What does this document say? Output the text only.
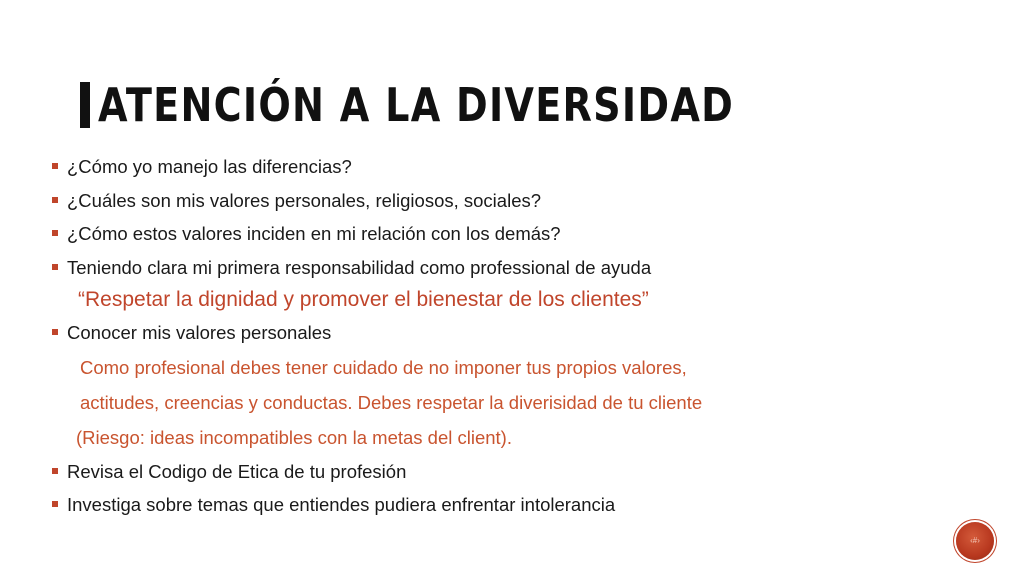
ATENCIÓN A LA DIVERSIDAD
¿Cómo yo manejo las diferencias?
¿Cuáles son mis valores personales, religiosos, sociales?
¿Cómo estos valores inciden en mi relación con los demás?
Teniendo clara mi primera responsabilidad como professional de ayuda
“Respetar la dignidad y promover el bienestar de los clientes”
Conocer mis valores personales
Como profesional debes tener cuidado de no imponer tus propios valores,
actitudes, creencias y conductas. Debes respetar la diverisidad de tu cliente
(Riesgo: ideas incompatibles con la metas del client).
Revisa el Codigo de Etica de tu profesión
Investiga sobre temas que entiendes pudiera enfrentar intolerancia
‹#›
